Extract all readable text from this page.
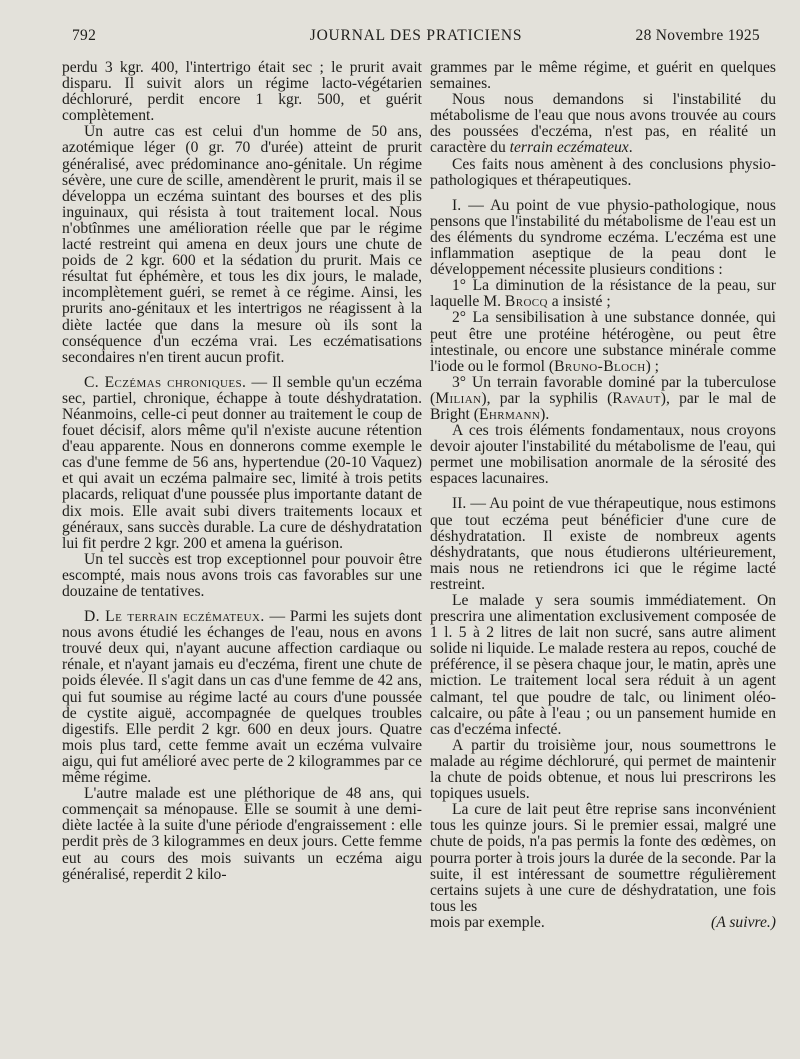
792	JOURNAL DES PRATICIENS	28 Novembre 1925

perdu 3 kgr. 400, l'intertrigo était sec ; le prurit avait disparu. Il suivit alors un régime lacto-végétarien déchloruré, perdit encore 1 kgr. 500, et guérit complètement.

Un autre cas est celui d'un homme de 50 ans, azotémique léger (0 gr. 70 d'urée) atteint de prurit généralisé, avec prédominance ano-génitale. Un régime sévère, une cure de scille, amendèrent le prurit, mais il se développa un eczéma suintant des bourses et des plis inguinaux, qui résista à tout traitement local. Nous n'obtînmes une amélioration réelle que par le régime lacté restreint qui amena en deux jours une chute de poids de 2 kgr. 600 et la sédation du prurit. Mais ce résultat fut éphémère, et tous les dix jours, le malade, incomplètement guéri, se remet à ce régime. Ainsi, les prurits ano-génitaux et les intertrigos ne réagissent à la diète lactée que dans la mesure où ils sont la conséquence d'un eczéma vrai. Les eczématisations secondaires n'en tirent aucun profit.

C. Eczémas chroniques. — Il semble qu'un eczéma sec, partiel, chronique, échappe à toute déshydratation. Néanmoins, celle-ci peut donner au traitement le coup de fouet décisif, alors même qu'il n'existe aucune rétention d'eau apparente. Nous en donnerons comme exemple le cas d'une femme de 56 ans, hypertendue (20-10 Vaquez) et qui avait un eczéma palmaire sec, limité à trois petits placards, reliquat d'une poussée plus importante datant de dix mois. Elle avait subi divers traitements locaux et généraux, sans succès durable. La cure de déshydratation lui fit perdre 2 kgr. 200 et amena la guérison.

Un tel succès est trop exceptionnel pour pouvoir être escompté, mais nous avons trois cas favorables sur une douzaine de tentatives.

D. Le terrain eczémateux. — Parmi les sujets dont nous avons étudié les échanges de l'eau, nous en avons trouvé deux qui, n'ayant aucune affection cardiaque ou rénale, et n'ayant jamais eu d'eczéma, firent une chute de poids élevée. Il s'agit dans un cas d'une femme de 42 ans, qui fut soumise au régime lacté au cours d'une poussée de cystite aiguë, accompagnée de quelques troubles digestifs. Elle perdit 2 kgr. 600 en deux jours. Quatre mois plus tard, cette femme avait un eczéma vulvaire aigu, qui fut amélioré avec perte de 2 kilogrammes par ce même régime.

L'autre malade est une pléthorique de 48 ans, qui commençait sa ménopause. Elle se soumit à une demi-diète lactée à la suite d'une période d'engraissement : elle perdit près de 3 kilogrammes en deux jours. Cette femme eut au cours des mois suivants un eczéma aigu généralisé, reperdit 2 kilo-

grammes par le même régime, et guérit en quelques semaines.

Nous nous demandons si l'instabilité du métabolisme de l'eau que nous avons trouvée au cours des poussées d'eczéma, n'est pas, en réalité un caractère du terrain eczémateux.

Ces faits nous amènent à des conclusions physio-pathologiques et thérapeutiques.

I. — Au point de vue physio-pathologique, nous pensons que l'instabilité du métabolisme de l'eau est un des éléments du syndrome eczéma. L'eczéma est une inflammation aseptique de la peau dont le développement nécessite plusieurs conditions :

1° La diminution de la résistance de la peau, sur laquelle M. Brocq a insisté ;

2° La sensibilisation à une substance donnée, qui peut être une protéine hétérogène, ou peut être intestinale, ou encore une substance minérale comme l'iode ou le formol (Bruno-Bloch) ;

3° Un terrain favorable dominé par la tuberculose (Milian), par la syphilis (Ravaut), par le mal de Bright (Ehrmann).

A ces trois éléments fondamentaux, nous croyons devoir ajouter l'instabilité du métabolisme de l'eau, qui permet une mobilisation anormale de la sérosité des espaces lacunaires.

II. — Au point de vue thérapeutique, nous estimons que tout eczéma peut bénéficier d'une cure de déshydratation. Il existe de nombreux agents déshydratants, que nous étudierons ultérieurement, mais nous ne retiendrons ici que le régime lacté restreint.

Le malade y sera soumis immédiatement. On prescrira une alimentation exclusivement composée de 1 l. 5 à 2 litres de lait non sucré, sans autre aliment solide ni liquide. Le malade restera au repos, couché de préférence, il se pèsera chaque jour, le matin, après une miction. Le traitement local sera réduit à un agent calmant, tel que poudre de talc, ou liniment oléo-calcaire, ou pâte à l'eau ; ou un pansement humide en cas d'eczéma infecté.

A partir du troisième jour, nous soumettrons le malade au régime déchloruré, qui permet de maintenir la chute de poids obtenue, et nous lui prescrirons les topiques usuels.

La cure de lait peut être reprise sans inconvénient tous les quinze jours. Si le premier essai, malgré une chute de poids, n'a pas permis la fonte des œdèmes, on pourra porter à trois jours la durée de la seconde. Par la suite, il est intéressant de soumettre régulièrement certains sujets à une cure de déshydratation, une fois tous les

mois par exemple.	(A suivre.)
